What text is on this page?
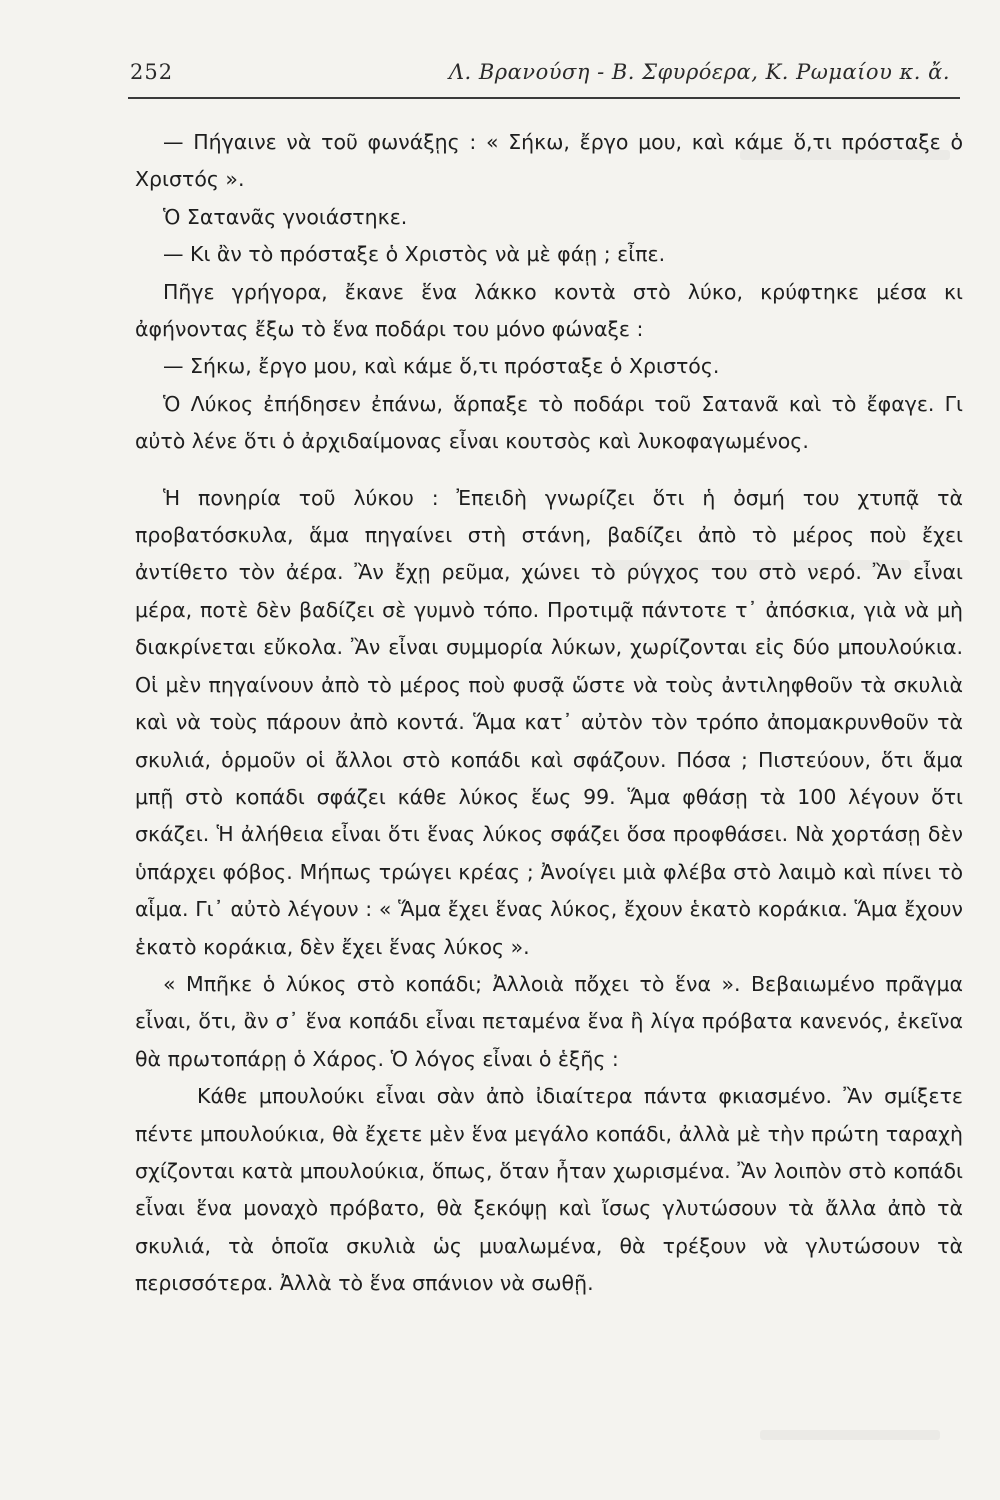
252	Λ. Βρανούση - Β. Σφυρόερα, Κ. Ρωμαίου κ. ἄ.

— Πήγαινε νὰ τοῦ φωνάξῃς : « Σήκω, ἔργο μου, καὶ κάμε ὅ,τι πρόσταξε ὁ Χριστός ».

Ὁ Σατανᾶς γνοιάστηκε.

— Κι ἂν τὸ πρόσταξε ὁ Χριστὸς νὰ μὲ φάῃ ; εἶπε.

Πῆγε γρήγορα, ἔκανε ἕνα λάκκο κοντὰ στὸ λύκο, κρύφτηκε μέσα κι ἀφήνοντας ἔξω τὸ ἕνα ποδάρι του μόνο φώναξε :

— Σήκω, ἔργο μου, καὶ κάμε ὅ,τι πρόσταξε ὁ Χριστός.

Ὁ Λύκος ἐπήδησεν ἐπάνω, ἅρπαξε τὸ ποδάρι τοῦ Σατανᾶ καὶ τὸ ἔφαγε. Γι αὐτὸ λένε ὅτι ὁ ἀρχιδαίμονας εἶναι κουτσὸς καὶ λυκοφαγωμένος.

Ἡ πονηρία τοῦ λύκου : Ἐπειδὴ γνωρίζει ὅτι ἡ ὀσμή του χτυπᾷ τὰ προβατόσκυλα, ἅμα πηγαίνει στὴ στάνη, βαδίζει ἀπὸ τὸ μέρος ποὺ ἔχει ἀντίθετο τὸν ἀέρα. Ἂν ἔχῃ ρεῦμα, χώνει τὸ ρύγχος του στὸ νερό. Ἂν εἶναι μέρα, ποτὲ δὲν βαδίζει σὲ γυμνὸ τόπο. Προτιμᾷ πάντοτε τ᾽ ἀπόσκια, γιὰ νὰ μὴ διακρίνεται εὔκολα. Ἂν εἶναι συμμορία λύκων, χωρίζονται εἰς δύο μπουλούκια. Οἱ μὲν πηγαίνουν ἀπὸ τὸ μέρος ποὺ φυσᾷ ὥστε νὰ τοὺς ἀντιληφθοῦν τὰ σκυλιὰ καὶ νὰ τοὺς πάρουν ἀπὸ κοντά. Ἅμα κατ᾽ αὐτὸν τὸν τρόπο ἀπομακρυνθοῦν τὰ σκυλιά, ὁρμοῦν οἱ ἄλλοι στὸ κοπάδι καὶ σφάζουν. Πόσα ; Πιστεύουν, ὅτι ἅμα μπῇ στὸ κοπάδι σφάζει κάθε λύκος ἕως 99. Ἅμα φθάσῃ τὰ 100 λέγουν ὅτι σκάζει. Ἡ ἀλήθεια εἶναι ὅτι ἕνας λύκος σφάζει ὅσα προφθάσει. Νὰ χορτάσῃ δὲν ὑπάρχει φόβος. Μήπως τρώγει κρέας ; Ἀνοίγει μιὰ φλέβα στὸ λαιμὸ καὶ πίνει τὸ αἷμα. Γι᾽ αὐτὸ λέγουν : « Ἅμα ἔχει ἕνας λύκος, ἔχουν ἑκατὸ κοράκια. Ἅμα ἔχουν ἑκατὸ κοράκια, δὲν ἔχει ἕνας λύκος ».

« Μπῆκε ὁ λύκος στὸ κοπάδι; Ἀλλοιὰ πὄχει τὸ ἕνα ». Βεβαιωμένο πρᾶγμα εἶναι, ὅτι, ἂν σ᾽ ἕνα κοπάδι εἶναι πεταμένα ἕνα ἢ λίγα πρόβατα κανενός, ἐκεῖνα θὰ πρωτοπάρῃ ὁ Χάρος. Ὁ λόγος εἶναι ὁ ἑξῆς :

Κάθε μπουλούκι εἶναι σὰν ἀπὸ ἰδιαίτερα πάντα φκιασμένο. Ἂν σμίξετε πέντε μπουλούκια, θὰ ἔχετε μὲν ἕνα μεγάλο κοπάδι, ἀλλὰ μὲ τὴν πρώτη ταραχὴ σχίζονται κατὰ μπουλούκια, ὅπως, ὅταν ἦταν χωρισμένα. Ἂν λοιπὸν στὸ κοπάδι εἶναι ἕνα μοναχὸ πρόβατο, θὰ ξεκόψῃ καὶ ἴσως γλυτώσουν τὰ ἄλλα ἀπὸ τὰ σκυλιά, τὰ ὁποῖα σκυλιὰ ὡς μυαλωμένα, θὰ τρέξουν νὰ γλυτώσουν τὰ περισσότερα. Ἀλλὰ τὸ ἕνα σπάνιον νὰ σωθῇ.
